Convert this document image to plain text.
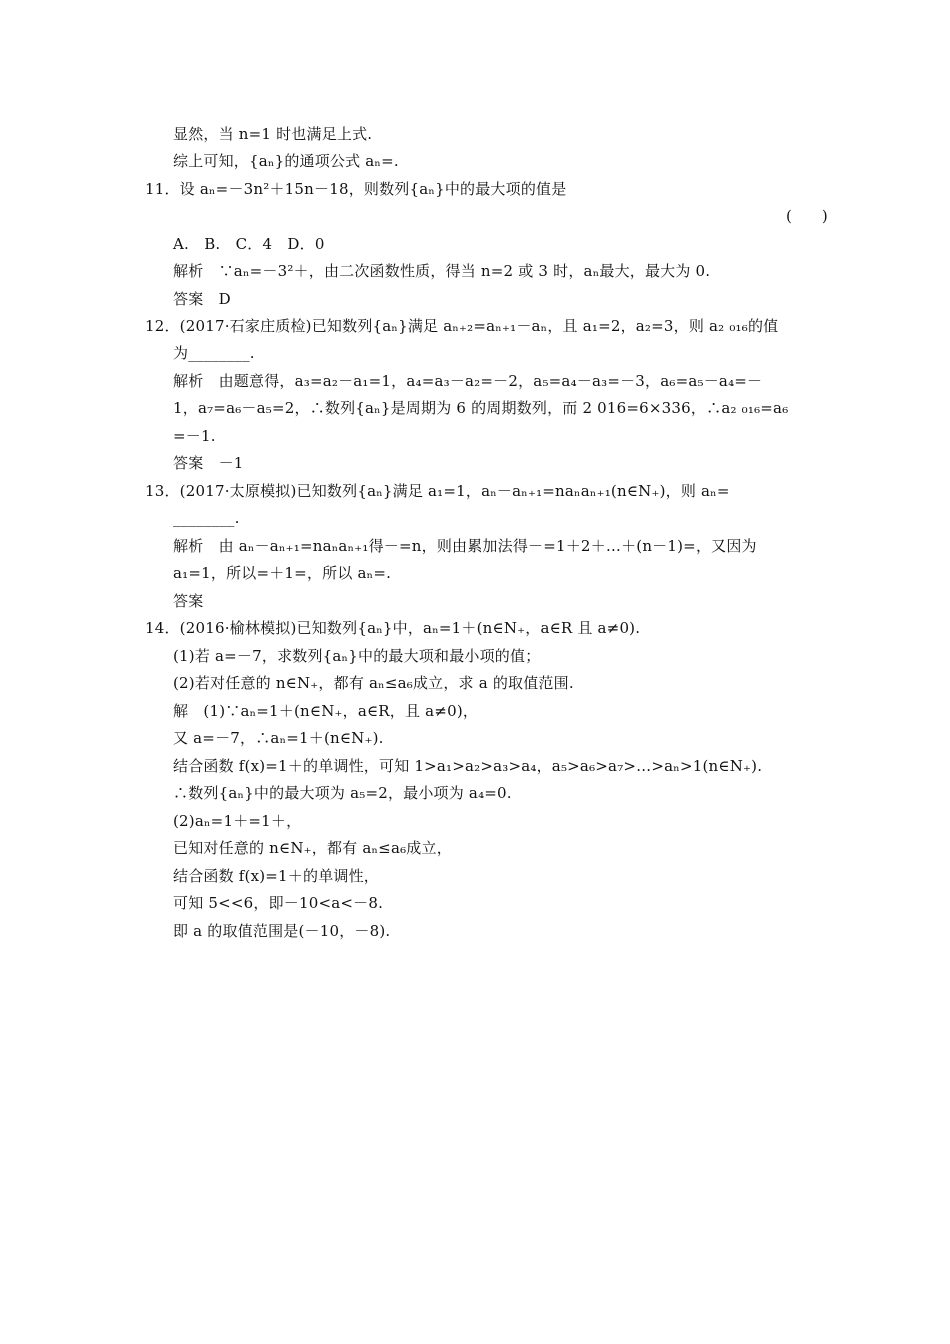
显然，当 n=1 时也满足上式.
综上可知，{aₙ}的通项公式 aₙ=.
11．设 aₙ=－3n²＋15n－18，则数列{aₙ}中的最大项的值是
(　　)
A.　B.　C．4　D．0
解析　∵aₙ=－3²＋，由二次函数性质，得当 n=2 或 3 时，aₙ最大，最大为 0.
答案　D
12．(2017·石家庄质检)已知数列{aₙ}满足 aₙ₊₂=aₙ₊₁－aₙ，且 a₁=2，a₂=3，则 a₂ ₀₁₆的值
为________.
解析　由题意得，a₃=a₂－a₁=1，a₄=a₃－a₂=－2，a₅=a₄－a₃=－3，a₆=a₅－a₄=－
1，a₇=a₆－a₅=2，∴数列{aₙ}是周期为 6 的周期数列，而 2 016=6×336，∴a₂ ₀₁₆=a₆
=－1.
答案　－1
13．(2017·太原模拟)已知数列{aₙ}满足 a₁=1，aₙ－aₙ₊₁=naₙaₙ₊₁(n∈N₊)，则 aₙ=
________.
解析　由 aₙ－aₙ₊₁=naₙaₙ₊₁得－=n，则由累加法得－=1＋2＋…＋(n－1)=，又因为
a₁=1，所以=＋1=，所以 aₙ=.
答案
14．(2016·榆林模拟)已知数列{aₙ}中，aₙ=1＋(n∈N₊，a∈R 且 a≠0).
(1)若 a=－7，求数列{aₙ}中的最大项和最小项的值；
(2)若对任意的 n∈N₊，都有 aₙ≤a₆成立，求 a 的取值范围.
解　(1)∵aₙ=1＋(n∈N₊，a∈R，且 a≠0)，
又 a=－7，∴aₙ=1＋(n∈N₊).
结合函数 f(x)=1＋的单调性，可知 1>a₁>a₂>a₃>a₄，a₅>a₆>a₇>…>aₙ>1(n∈N₊).
∴数列{aₙ}中的最大项为 a₅=2，最小项为 a₄=0.
(2)aₙ=1＋=1＋，
已知对任意的 n∈N₊，都有 aₙ≤a₆成立，
结合函数 f(x)=1＋的单调性，
可知 5<<6，即－10<a<－8.
即 a 的取值范围是(－10，－8).
